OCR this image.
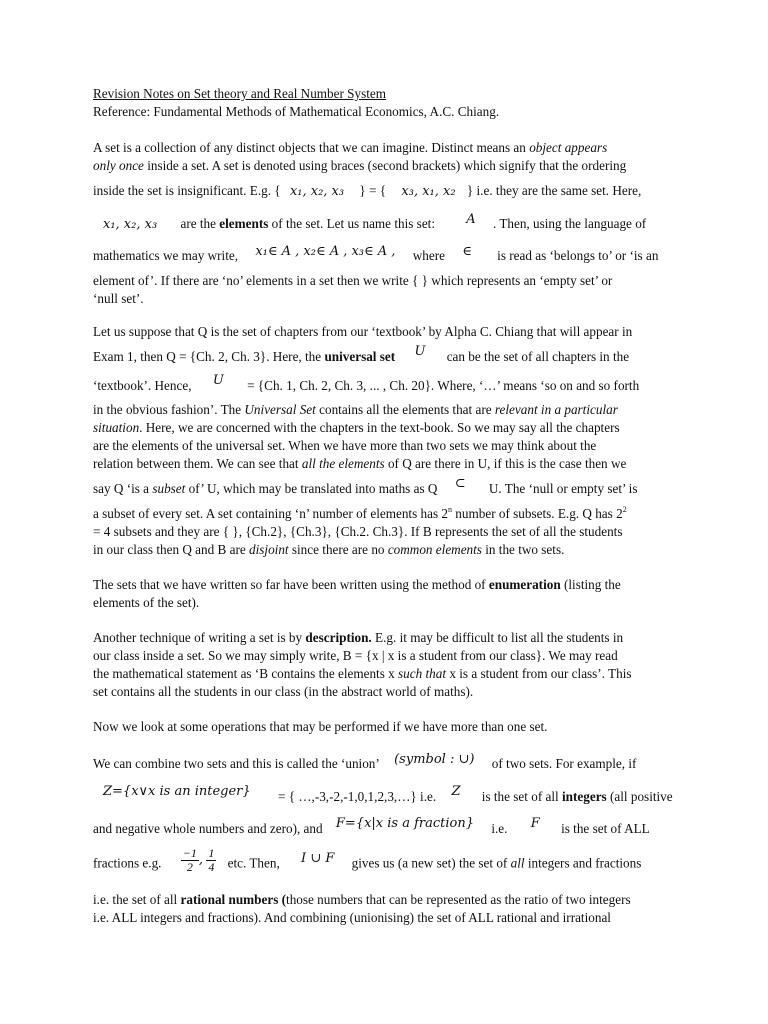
Revision Notes on Set theory and Real Number System
Reference: Fundamental Methods of Mathematical Economics, A.C. Chiang.
A set is a collection of any distinct objects that we can imagine. Distinct means an object appears
only once inside a set. A set is denoted using braces (second brackets) which signify that the ordering
inside the set is insignificant. E.g. { x₁, x₂, x₃ } = { x₃, x₁, x₂ } i.e. they are the same set. Here,
x₁, x₂, x₃ are the elements of the set. Let us name this set: A . Then, using the language of
mathematics we may write, x₁∈ A , x₂∈ A , x₃∈ A , where ∈ is read as ‘belongs to’ or ‘is an
element of’. If there are ‘no’ elements in a set then we write { } which represents an ‘empty set’ or
‘null set’.
Let us suppose that Q is the set of chapters from our ‘textbook’ by Alpha C. Chiang that will appear in
Exam 1, then Q = {Ch. 2, Ch. 3}. Here, the universal set U can be the set of all chapters in the
‘textbook’. Hence, U = {Ch. 1, Ch. 2, Ch. 3, ... , Ch. 20}. Where, ‘…’ means ‘so on and so forth
in the obvious fashion’. The Universal Set contains all the elements that are relevant in a particular
situation. Here, we are concerned with the chapters in the text-book. So we may say all the chapters
are the elements of the universal set. When we have more than two sets we may think about the
relation between them. We can see that all the elements of Q are there in U, if this is the case then we
say Q ‘is a subset of’ U, which may be translated into maths as Q ⊂ U. The ‘null or empty set’ is
a subset of every set. A set containing ‘n’ number of elements has 2$^n$ number of subsets. E.g. Q has $2^2$
= 4 subsets and they are { }, {Ch.2}, {Ch.3}, {Ch.2. Ch.3}. If B represents the set of all the students
in our class then Q and B are disjoint since there are no common elements in the two sets.
The sets that we have written so far have been written using the method of enumeration (listing the
elements of the set).
Another technique of writing a set is by description. E.g. it may be difficult to list all the students in
our class inside a set. So we may simply write, B = {x | x is a student from our class}. We may read
the mathematical statement as ‘B contains the elements x such that x is a student from our class’. This
set contains all the students in our class (in the abstract world of maths).
Now we look at some operations that may be performed if we have more than one set.
We can combine two sets and this is called the ‘union’ (symbol : ∪) of two sets. For example, if
Z={x∨x is an integer} = { …,-3,-2,-1,0,1,2,3,…} i.e. Z is the set of all integers (all positive
and negative whole numbers and zero), and F={x|x is a fraction} i.e. F is the set of ALL
fractions e.g. $\frac{-1}{2}$ , $\frac{1}{4}$ etc. Then, I ∪ F gives us (a new set) the set of all integers and fractions
i.e. the set of all rational numbers (those numbers that can be represented as the ratio of two integers
i.e. ALL integers and fractions). And combining (unionising) the set of ALL rational and irrational
